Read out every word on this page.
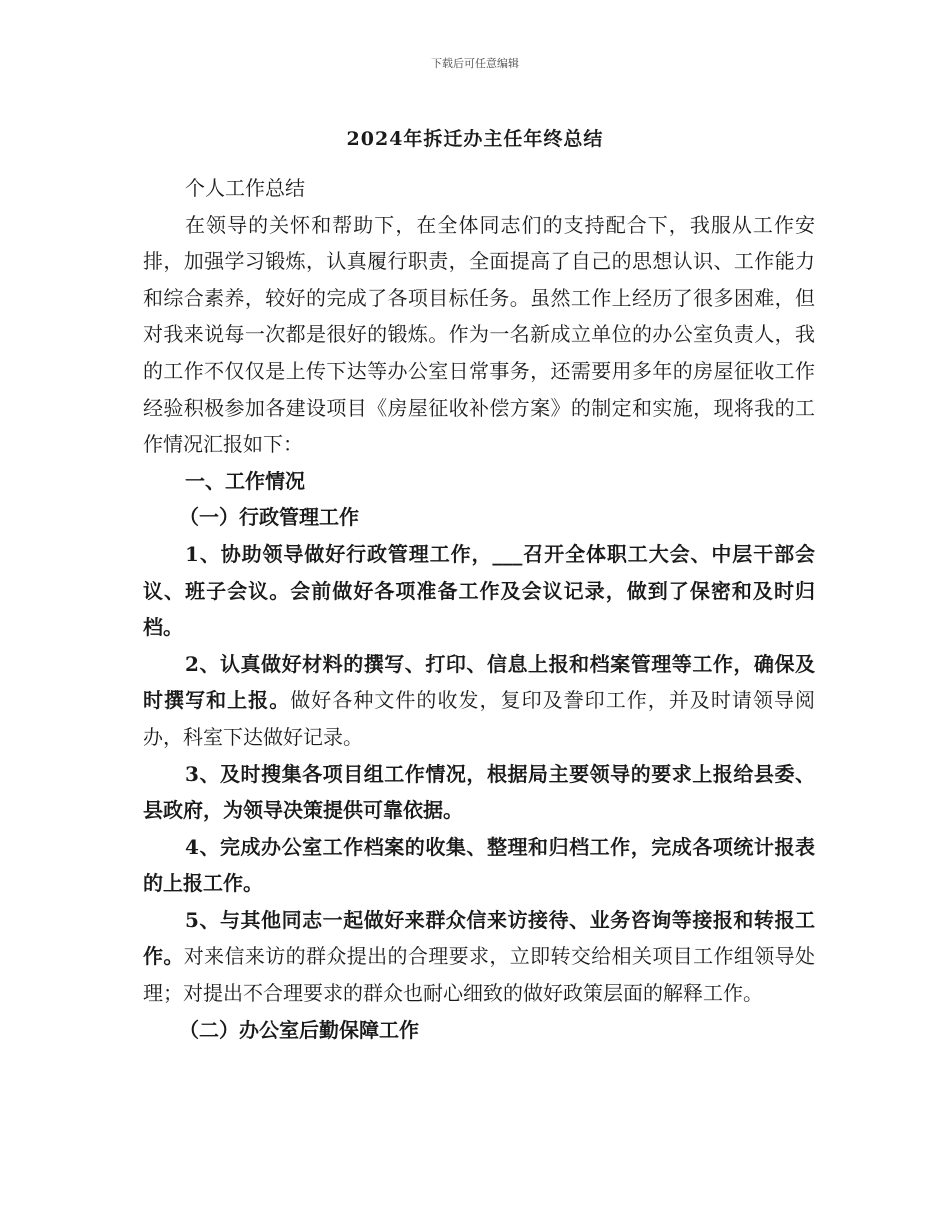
下载后可任意编辑
2024年拆迁办主任年终总结

个人工作总结

在领导的关怀和帮助下，在全体同志们的支持配合下，我服从工作安排，加强学习锻炼，认真履行职责，全面提高了自己的思想认识、工作能力和综合素养，较好的完成了各项目标任务。虽然工作上经历了很多困难，但对我来说每一次都是很好的锻炼。作为一名新成立单位的办公室负责人，我的工作不仅仅是上传下达等办公室日常事务，还需要用多年的房屋征收工作经验积极参加各建设项目《房屋征收补偿方案》的制定和实施，现将我的工作情况汇报如下：

一、工作情况

（一）行政管理工作

1、协助领导做好行政管理工作，___召开全体职工大会、中层干部会议、班子会议。会前做好各项准备工作及会议记录，做到了保密和及时归档。

2、认真做好材料的撰写、打印、信息上报和档案管理等工作，确保及时撰写和上报。做好各种文件的收发，复印及誊印工作，并及时请领导阅办，科室下达做好记录。

3、及时搜集各项目组工作情况，根据局主要领导的要求上报给县委、县政府，为领导决策提供可靠依据。

4、完成办公室工作档案的收集、整理和归档工作，完成各项统计报表的上报工作。

5、与其他同志一起做好来群众信来访接待、业务咨询等接报和转报工作。对来信来访的群众提出的合理要求，立即转交给相关项目工作组领导处理；对提出不合理要求的群众也耐心细致的做好政策层面的解释工作。

（二）办公室后勤保障工作
